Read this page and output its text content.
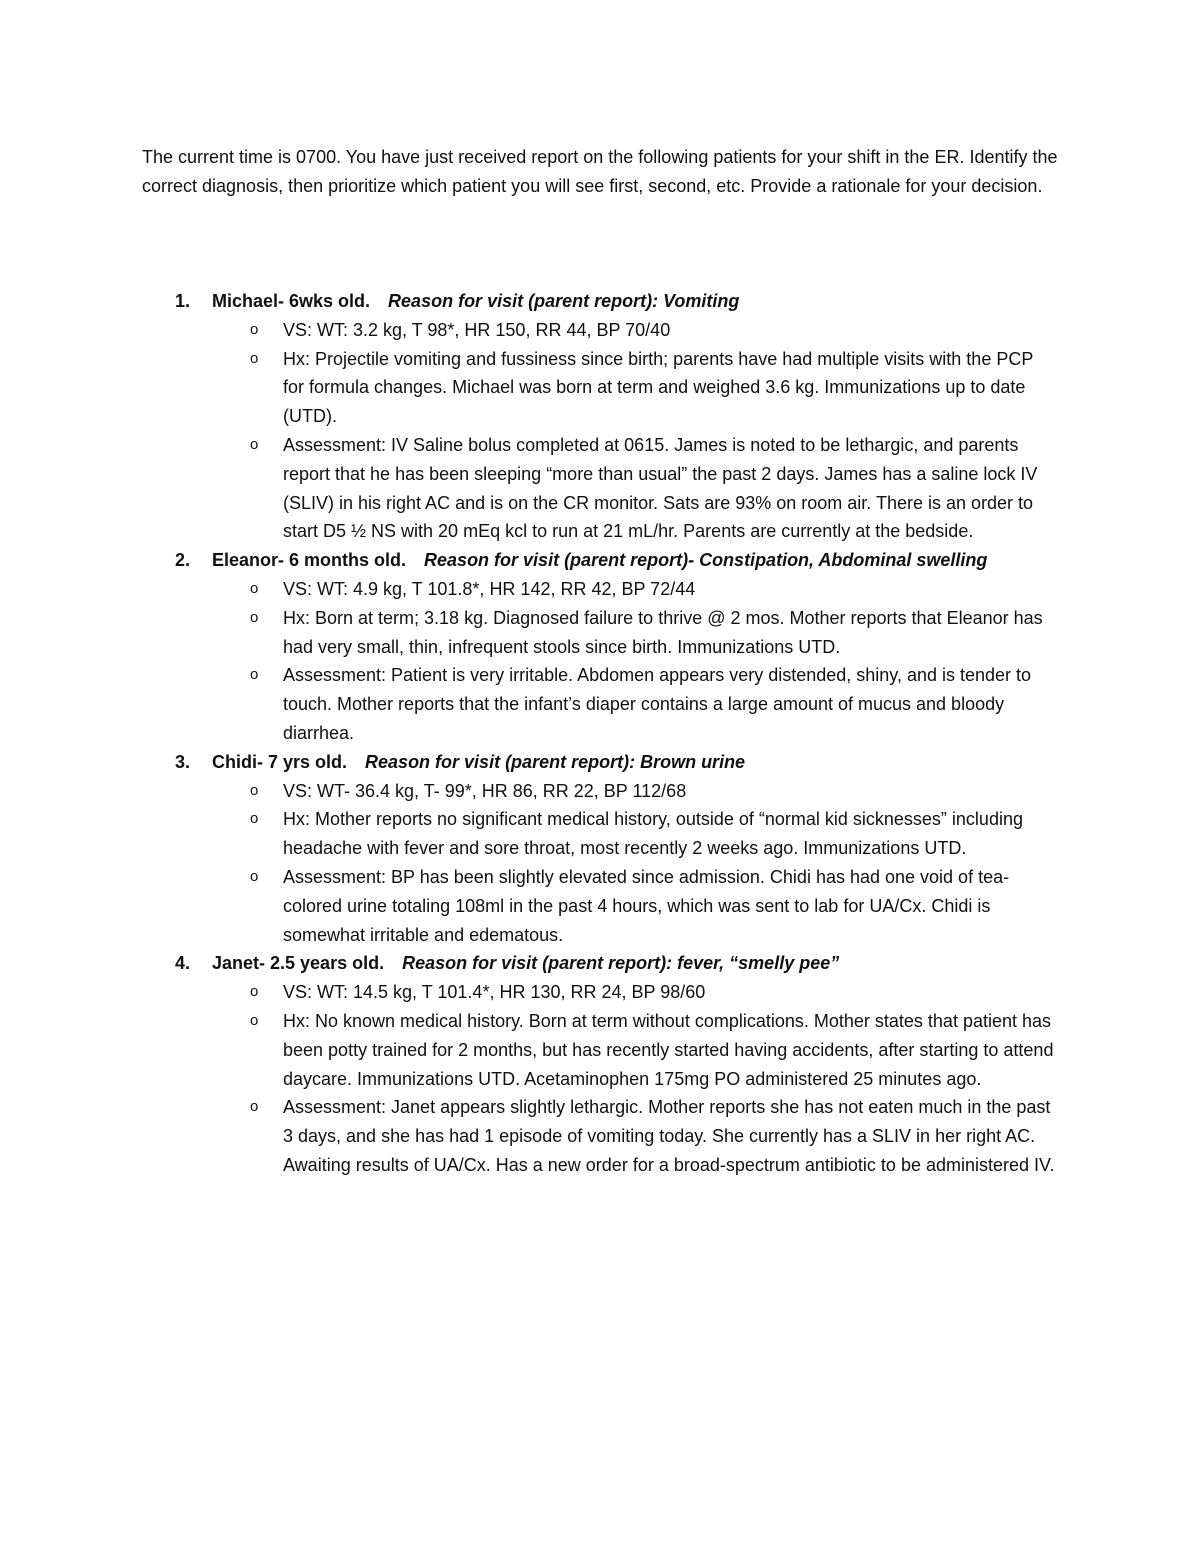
The current time is 0700. You have just received report on the following patients for your shift in the ER. Identify the correct diagnosis, then prioritize which patient you will see first, second, etc. Provide a rationale for your decision.

1. Michael- 6wks old. Reason for visit (parent report): Vomiting
o VS: WT: 3.2 kg, T 98*, HR 150, RR 44, BP 70/40
o Hx: Projectile vomiting and fussiness since birth; parents have had multiple visits with the PCP for formula changes. Michael was born at term and weighed 3.6 kg. Immunizations up to date (UTD).
o Assessment: IV Saline bolus completed at 0615. James is noted to be lethargic, and parents report that he has been sleeping “more than usual” the past 2 days. James has a saline lock IV (SLIV) in his right AC and is on the CR monitor. Sats are 93% on room air. There is an order to start D5 ½ NS with 20 mEq kcl to run at 21 mL/hr. Parents are currently at the bedside.
2. Eleanor- 6 months old. Reason for visit (parent report)- Constipation, Abdominal swelling
o VS: WT: 4.9 kg, T 101.8*, HR 142, RR 42, BP 72/44
o Hx: Born at term; 3.18 kg. Diagnosed failure to thrive @ 2 mos. Mother reports that Eleanor has had very small, thin, infrequent stools since birth. Immunizations UTD.
o Assessment: Patient is very irritable. Abdomen appears very distended, shiny, and is tender to touch. Mother reports that the infant’s diaper contains a large amount of mucus and bloody diarrhea.
3. Chidi- 7 yrs old. Reason for visit (parent report): Brown urine
o VS: WT- 36.4 kg, T- 99*, HR 86, RR 22, BP 112/68
o Hx: Mother reports no significant medical history, outside of “normal kid sicknesses” including headache with fever and sore throat, most recently 2 weeks ago. Immunizations UTD.
o Assessment: BP has been slightly elevated since admission. Chidi has had one void of tea-colored urine totaling 108ml in the past 4 hours, which was sent to lab for UA/Cx. Chidi is somewhat irritable and edematous.
4. Janet- 2.5 years old. Reason for visit (parent report): fever, “smelly pee”
o VS: WT: 14.5 kg, T 101.4*, HR 130, RR 24, BP 98/60
o Hx: No known medical history. Born at term without complications. Mother states that patient has been potty trained for 2 months, but has recently started having accidents, after starting to attend daycare. Immunizations UTD. Acetaminophen 175mg PO administered 25 minutes ago.
o Assessment: Janet appears slightly lethargic. Mother reports she has not eaten much in the past 3 days, and she has had 1 episode of vomiting today. She currently has a SLIV in her right AC. Awaiting results of UA/Cx. Has a new order for a broad-spectrum antibiotic to be administered IV.
